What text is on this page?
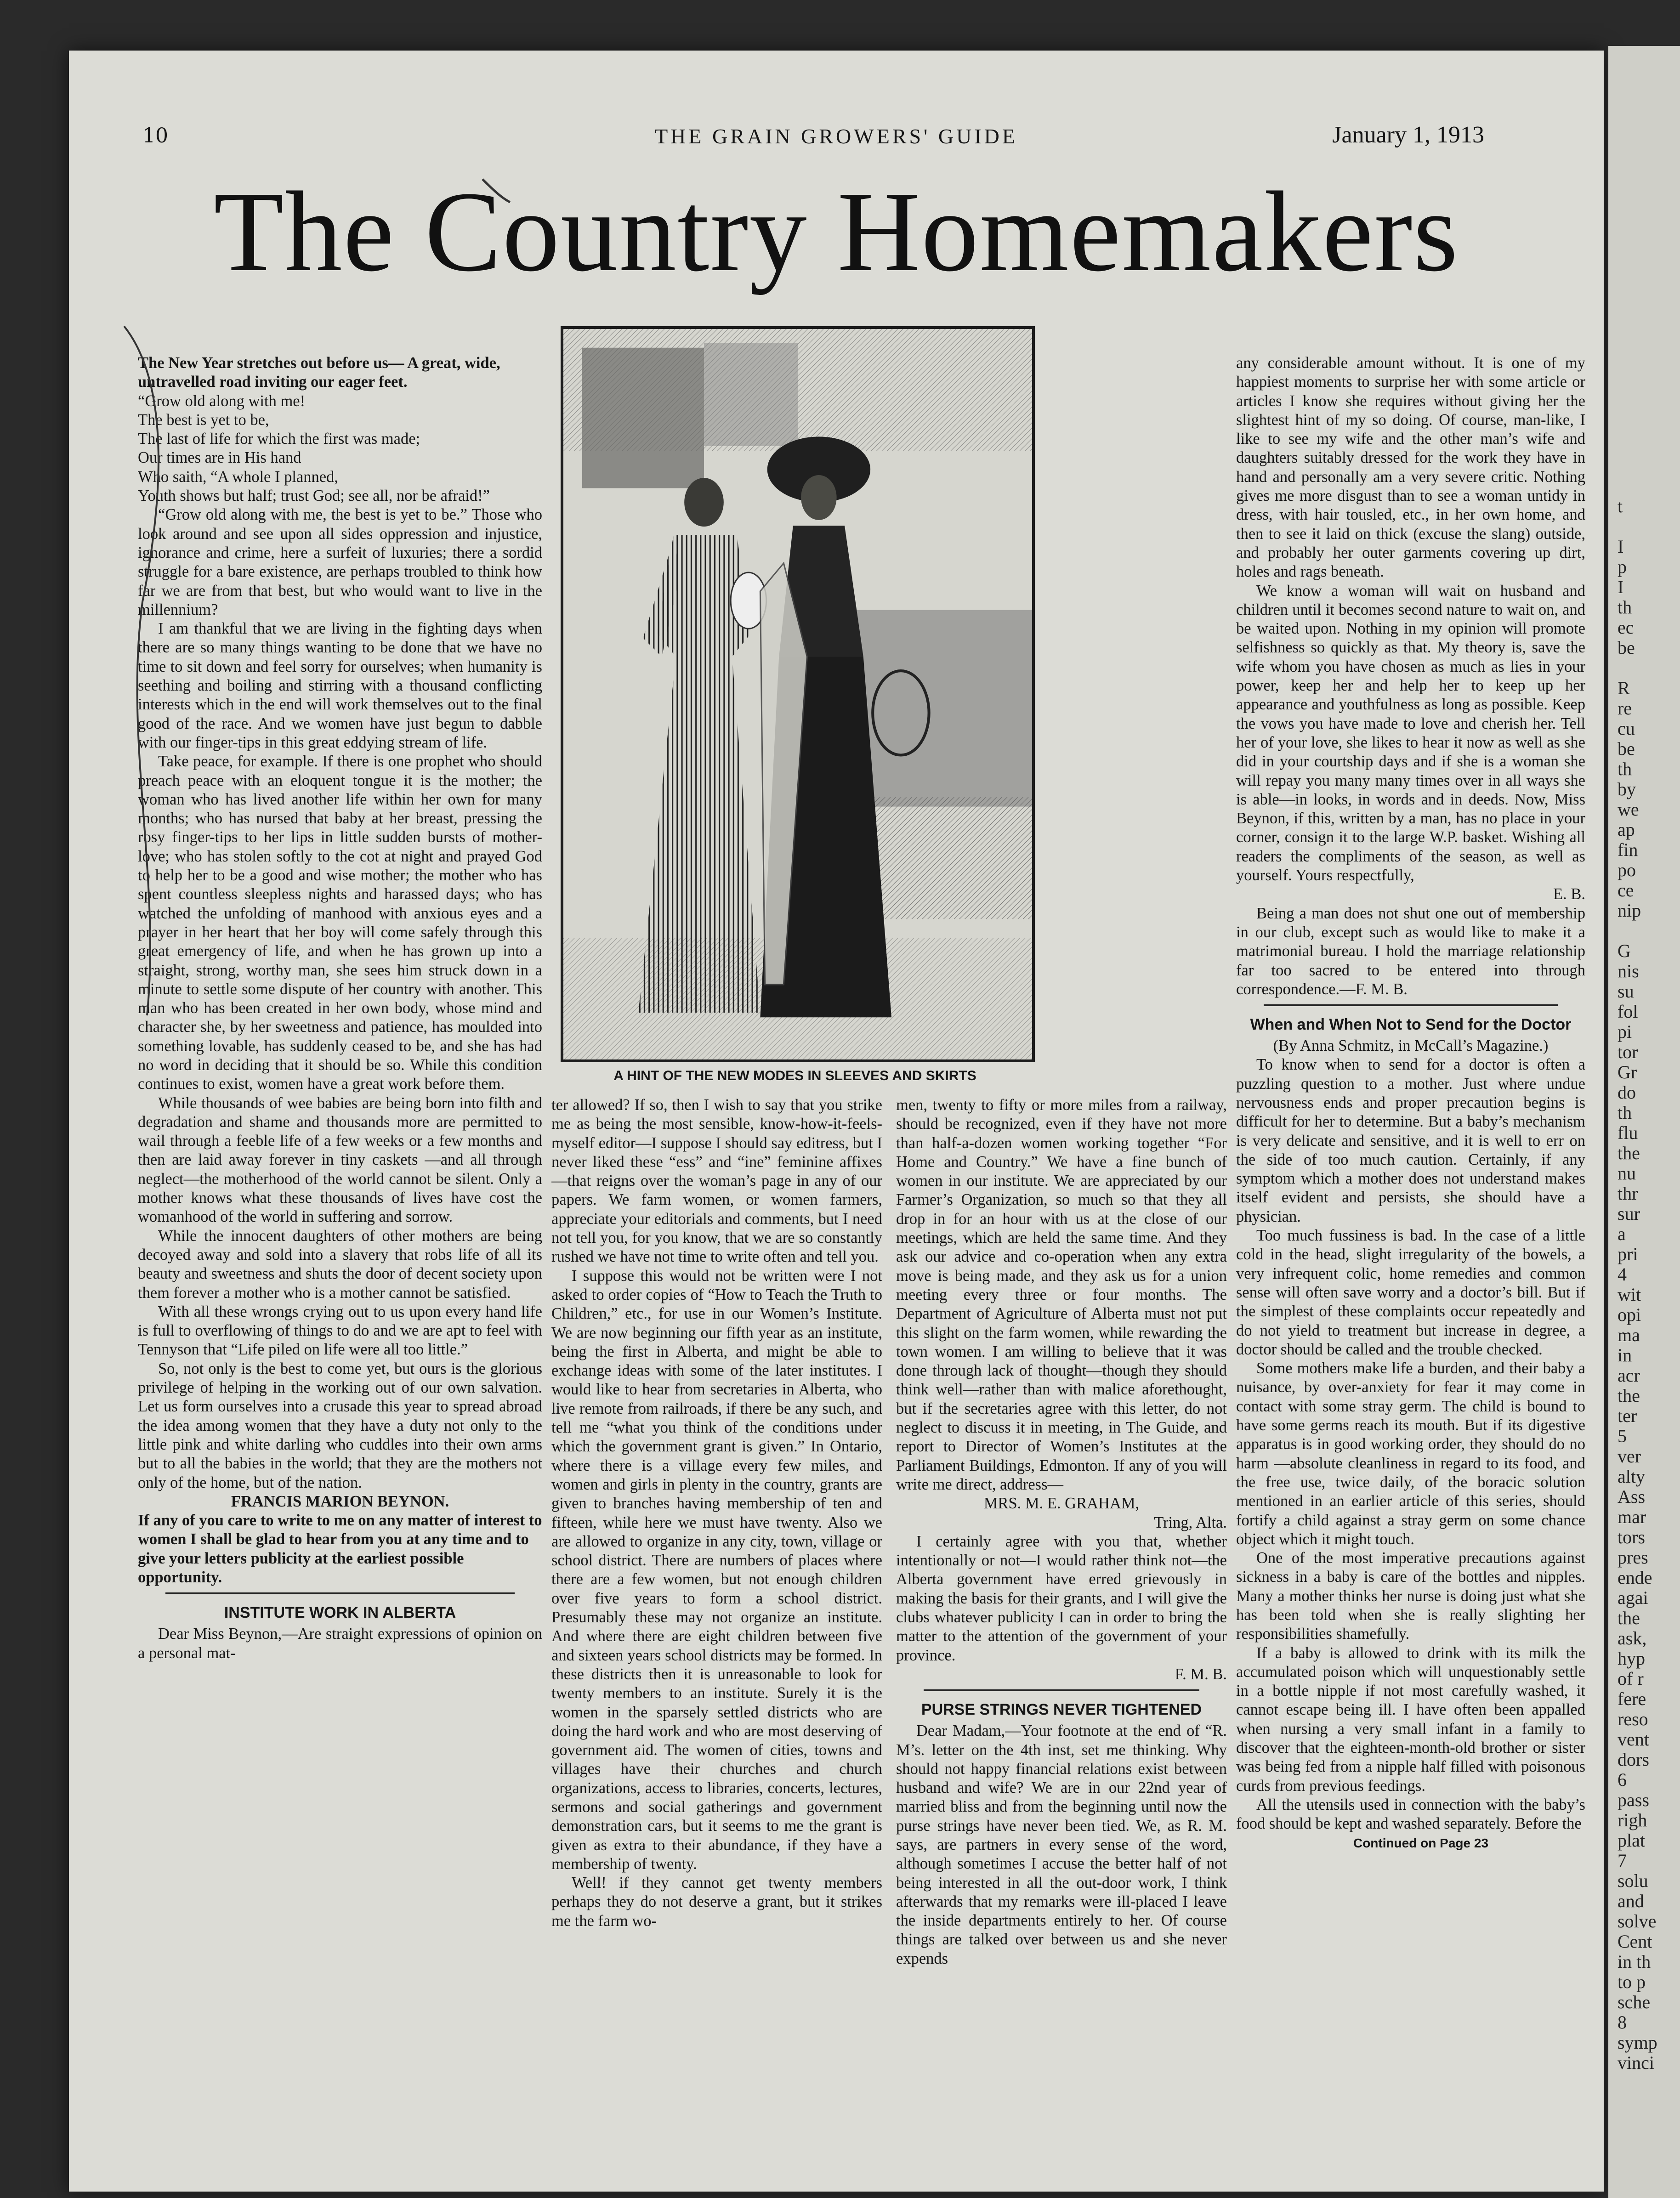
10	THE GRAIN GROWERS' GUIDE	January 1, 1913
The Country Homemakers

The New Year stretches out before us— A great, wide, untravelled road inviting our eager feet.

“Grow old along with me!

The best is yet to be,

The last of life for which the first was made;

Our times are in His hand

Who saith, “A whole I planned,

Youth shows but half; trust God; see all, nor be afraid!”

“Grow old along with me, the best is yet to be.” Those who look around and see upon all sides oppression and injustice, ignorance and crime, here a surfeit of luxuries; there a sordid struggle for a bare existence, are perhaps troubled to think how far we are from that best, but who would want to live in the millennium?

I am thankful that we are living in the fighting days when there are so many things wanting to be done that we have no time to sit down and feel sorry for ourselves; when humanity is seething and boiling and stirring with a thousand conflicting interests which in the end will work themselves out to the final good of the race. And we women have just begun to dabble with our finger-tips in this great eddying stream of life.

Take peace, for example. If there is one prophet who should preach peace with an eloquent tongue it is the mother; the woman who has lived another life within her own for many months; who has nursed that baby at her breast, pressing the rosy finger-tips to her lips in little sudden bursts of mother-love; who has stolen softly to the cot at night and prayed God to help her to be a good and wise mother; the mother who has spent countless sleepless nights and harassed days; who has watched the unfolding of manhood with anxious eyes and a prayer in her heart that her boy will come safely through this great emergency of life, and when he has grown up into a straight, strong, worthy man, she sees him struck down in a minute to settle some dispute of her country with another. This man who has been created in her own body, whose mind and character she, by her sweetness and patience, has moulded into something lovable, has suddenly ceased to be, and she has had no word in deciding that it should be so. While this condition continues to exist, women have a great work before them.

While thousands of wee babies are being born into filth and degradation and shame and thousands more are permitted to wail through a feeble life of a few weeks or a few months and then are laid away forever in tiny caskets —and all through neglect—the motherhood of the world cannot be silent. Only a mother knows what these thousands of lives have cost the womanhood of the world in suffering and sorrow.

While the innocent daughters of other mothers are being decoyed away and sold into a slavery that robs life of all its beauty and sweetness and shuts the door of decent society upon them forever a mother who is a mother cannot be satisfied.

With all these wrongs crying out to us upon every hand life is full to overflowing of things to do and we are apt to feel with Tennyson that “Life piled on life were all too little.”

So, not only is the best to come yet, but ours is the glorious privilege of helping in the working out of our own salvation. Let us form ourselves into a crusade this year to spread abroad the idea among women that they have a duty not only to the little pink and white darling who cuddles into their own arms but to all the babies in the world; that they are the mothers not only of the home, but of the nation.

FRANCIS MARION BEYNON.

If any of you care to write to me on any matter of interest to women I shall be glad to hear from you at any time and to give your letters publicity at the earliest possible opportunity.

INSTITUTE WORK IN ALBERTA

Dear Miss Beynon,—Are straight expressions of opinion on a personal mat-

A HINT OF THE NEW MODES IN SLEEVES AND SKIRTS

ter allowed? If so, then I wish to say that you strike me as being the most sensible, know-how-it-feels-myself editor—I suppose I should say editress, but I never liked these “ess” and “ine” feminine affixes—that reigns over the woman’s page in any of our papers. We farm women, or women farmers, appreciate your editorials and comments, but I need not tell you, for you know, that we are so constantly rushed we have not time to write often and tell you.

I suppose this would not be written were I not asked to order copies of “How to Teach the Truth to Children,” etc., for use in our Women’s Institute. We are now beginning our fifth year as an institute, being the first in Alberta, and might be able to exchange ideas with some of the later institutes. I would like to hear from secretaries in Alberta, who live remote from railroads, if there be any such, and tell me “what you think of the conditions under which the government grant is given.” In Ontario, where there is a village every few miles, and women and girls in plenty in the country, grants are given to branches having membership of ten and fifteen, while here we must have twenty. Also we are allowed to organize in any city, town, village or school district. There are numbers of places where there are a few women, but not enough children over five years to form a school district. Presumably these may not organize an institute. And where there are eight children between five and sixteen years school districts may be formed. In these districts then it is unreasonable to look for twenty members to an institute. Surely it is the women in the sparsely settled districts who are doing the hard work and who are most deserving of government aid. The women of cities, towns and villages have their churches and church organizations, access to libraries, concerts, lectures, sermons and social gatherings and government demonstration cars, but it seems to me the grant is given as extra to their abundance, if they have a membership of twenty.

Well! if they cannot get twenty members perhaps they do not deserve a grant, but it strikes me the farm wo-

men, twenty to fifty or more miles from a railway, should be recognized, even if they have not more than half-a-dozen women working together “For Home and Country.” We have a fine bunch of women in our institute. We are appreciated by our Farmer’s Organization, so much so that they all drop in for an hour with us at the close of our meetings, which are held the same time. And they ask our advice and co-operation when any extra move is being made, and they ask us for a union meeting every three or four months. The Department of Agriculture of Alberta must not put this slight on the farm women, while rewarding the town women. I am willing to believe that it was done through lack of thought—though they should think well—rather than with malice aforethought, but if the secretaries agree with this letter, do not neglect to discuss it in meeting, in The Guide, and report to Director of Women’s Institutes at the Parliament Buildings, Edmonton. If any of you will write me direct, address—

MRS. M. E. GRAHAM,

Tring, Alta.

I certainly agree with you that, whether intentionally or not—I would rather think not—the Alberta government have erred grievously in making the basis for their grants, and I will give the clubs whatever publicity I can in order to bring the matter to the attention of the government of your province.

F. M. B.

PURSE STRINGS NEVER TIGHTENED

Dear Madam,—Your footnote at the end of “R. M’s. letter on the 4th inst, set me thinking. Why should not happy financial relations exist between husband and wife? We are in our 22nd year of married bliss and from the beginning until now the purse strings have never been tied. We, as R. M. says, are partners in every sense of the word, although sometimes I accuse the better half of not being interested in all the out-door work, I think afterwards that my remarks were ill-placed I leave the inside departments entirely to her. Of course things are talked over between us and she never expends

any considerable amount without. It is one of my happiest moments to surprise her with some article or articles I know she requires without giving her the slightest hint of my so doing. Of course, man-like, I like to see my wife and the other man’s wife and daughters suitably dressed for the work they have in hand and personally am a very severe critic. Nothing gives me more disgust than to see a woman untidy in dress, with hair tousled, etc., in her own home, and then to see it laid on thick (excuse the slang) outside, and probably her outer garments covering up dirt, holes and rags beneath.

We know a woman will wait on husband and children until it becomes second nature to wait on, and be waited upon. Nothing in my opinion will promote selfishness so quickly as that. My theory is, save the wife whom you have chosen as much as lies in your power, keep her and help her to keep up her appearance and youthfulness as long as possible. Keep the vows you have made to love and cherish her. Tell her of your love, she likes to hear it now as well as she did in your courtship days and if she is a woman she will repay you many many times over in all ways she is able—in looks, in words and in deeds. Now, Miss Beynon, if this, written by a man, has no place in your corner, consign it to the large W.P. basket. Wishing all readers the compliments of the season, as well as yourself. Yours respectfully,

E. B.

Being a man does not shut one out of membership in our club, except such as would like to make it a matrimonial bureau. I hold the marriage relationship far too sacred to be entered into through correspondence.—F. M. B.

When and When Not to Send for the Doctor

(By Anna Schmitz, in McCall’s Magazine.)

To know when to send for a doctor is often a puzzling question to a mother. Just where undue nervousness ends and proper precaution begins is difficult for her to determine. But a baby’s mechanism is very delicate and sensitive, and it is well to err on the side of too much caution. Certainly, if any symptom which a mother does not understand makes itself evident and persists, she should have a physician.

Too much fussiness is bad. In the case of a little cold in the head, slight irregularity of the bowels, a very infrequent colic, home remedies and common sense will often save worry and a doctor’s bill. But if the simplest of these complaints occur repeatedly and do not yield to treatment but increase in degree, a doctor should be called and the trouble checked.

Some mothers make life a burden, and their baby a nuisance, by over-anxiety for fear it may come in contact with some stray germ. The child is bound to have some germs reach its mouth. But if its digestive apparatus is in good working order, they should do no harm —absolute cleanliness in regard to its food, and the free use, twice daily, of the boracic solution mentioned in an earlier article of this series, should fortify a child against a stray germ on some chance object which it might touch.

One of the most imperative precautions against sickness in a baby is care of the bottles and nipples. Many a mother thinks her nurse is doing just what she has been told when she is really slighting her responsibilities shamefully.

If a baby is allowed to drink with its milk the accumulated poison which will unquestionably settle in a bottle nipple if not most carefully washed, it cannot escape being ill. I have often been appalled when nursing a very small infant in a family to discover that the eighteen-month-old brother or sister was being fed from a nipple half filled with poisonous curds from previous feedings.

All the utensils used in connection with the baby’s food should be kept and washed separately. Before the

Continued on Page 23

t

I
p
I
th
ec
be

R
re
cu
be
th
by
we
ap
fin
po
ce
nip

G
nis
su
fol
pi
tor
Gr
do
th
flu
the
nu
thr
sur
a
pri
4
wit
opi
ma
in
acr
the
ter
5
ver
alty
Ass
mar
tors
pres
ende
agai
the
ask,
hyp
of r
fere
reso
vent
dors
6
pass
righ
plat
7
solu
and
solve
Cent
in th
to p
sche
8
symp
vinci
